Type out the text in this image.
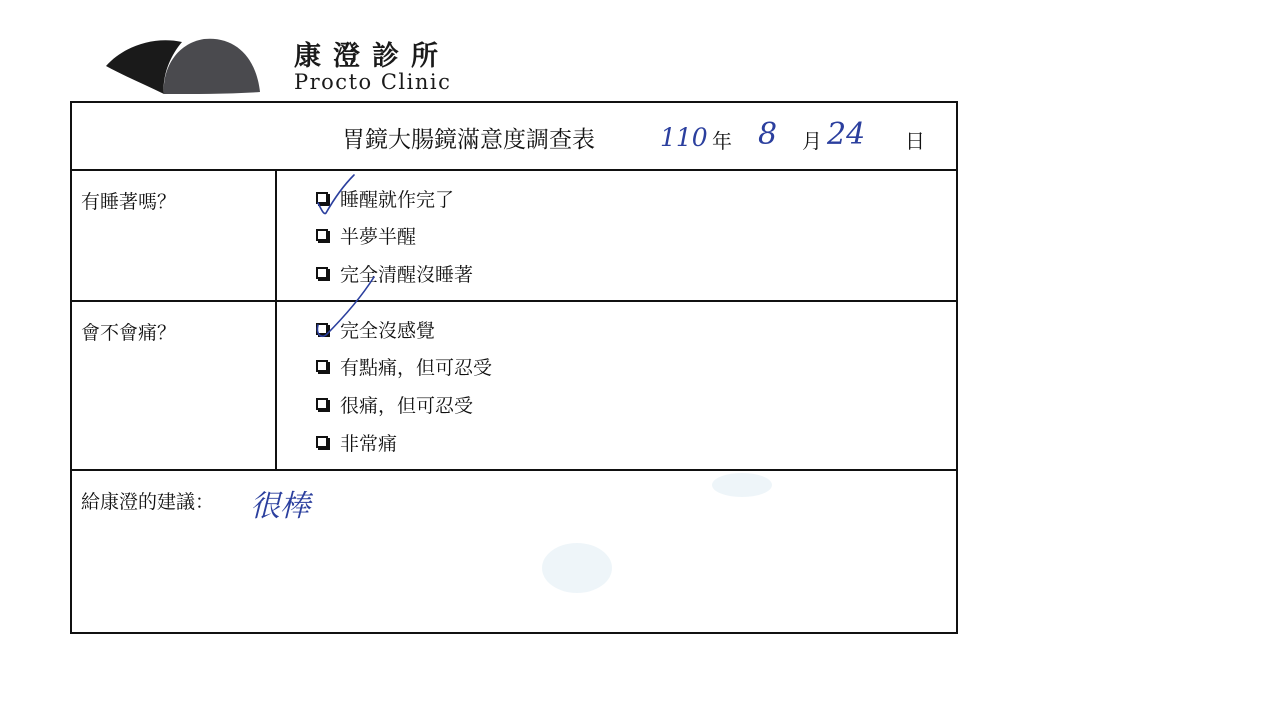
康澄診所
Procto Clinic
胃鏡大腸鏡滿意度調查表	110 年 8 月 24 日
有睡著嗎？	睡醒就作完了
半夢半醒
完全清醒沒睡著
會不會痛？	完全沒感覺
有點痛，但可忍受
很痛，但可忍受
非常痛
給康澄的建議： 很棒
